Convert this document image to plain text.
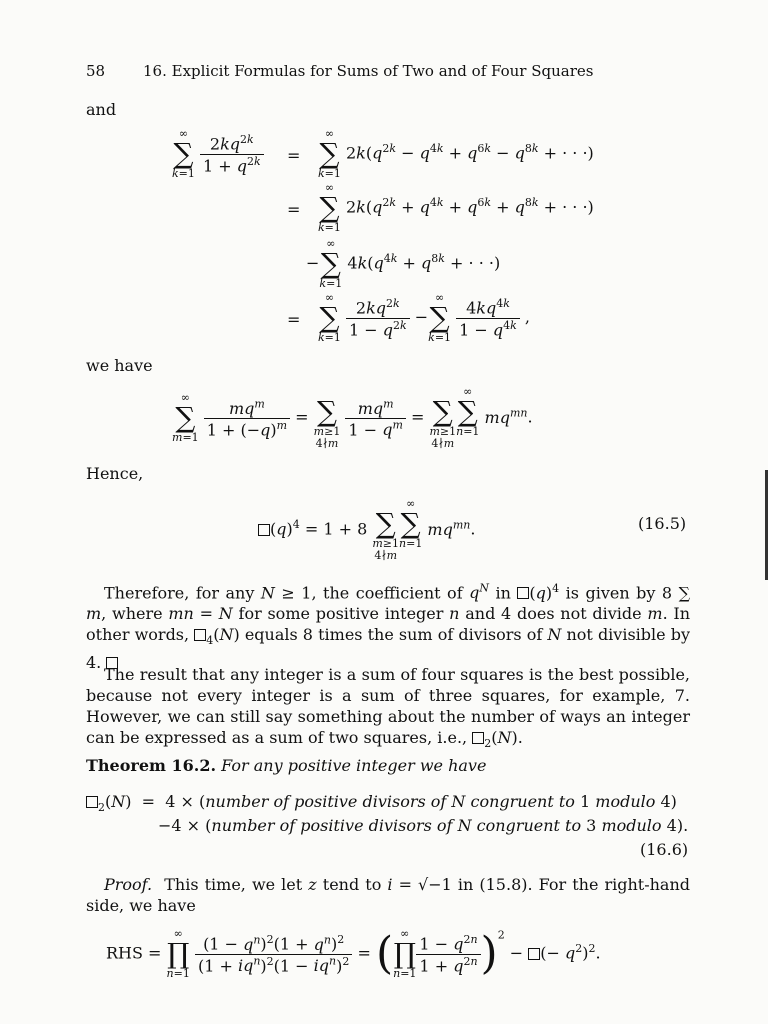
58	16. Explicit Formulas for Sums of Two and of Four Squares
and
∞
∑
k=1
$\frac{2kq^{2k}}{1 + q^{2k}}$ =
∞
∑
k=1
$2k(q^{2k} - q^{4k} + q^{6k} - q^{8k}$ + · · ·)
=
∞
∑
k=1
$2k(q^{2k} + q^{4k} + q^{6k} + q^{8k}$ + · · ·)
−
∞
∑
k=1
$4k(q^{4k} + q^{8k}$ + · · ·)
=
∞
∑
k=1
$\frac{2kq^{2k}}{1 - q^{2k}}$ −
∞
∑
k=1
$\frac{4kq^{4k}}{1 - q^{4k}}$ ,
we have
∞
∑
m=1
$\frac{mq^m}{1 + (-q)^m}$ =
∑
m≥1
4∤m

$\frac{mq^m}{1 - q^m}$ =
∑
m≥1
4∤m
∞
∑
n=1

$mq^{mn}$.
Hence,
$(q)^4 = 1 + 8$
∑
m≥1
4∤m
∞
∑
n=1

$mq^{mn}$.	(16.5)
Therefore, for any N ≥ 1, the coefficient of $q^N$ in $(q)^4$ is given by 8 ∑ m, where mn = N for some positive integer n and 4 does not divide m. In other words, $_4$(N) equals 8 times the sum of divisors of N not divisible by 4.
The result that any integer is a sum of four squares is the best possible, because not every integer is a sum of three squares, for example, 7. However, we can still say something about the number of ways an integer can be expressed as a sum of two squares, i.e., $_2$(N).
Theorem 16.2. For any positive integer we have
$_2$(N)  =  4 × (number of positive divisors of N congruent to 1 modulo 4)
−4 × (number of positive divisors of N congruent to 3 modulo 4).
(16.6)
Proof.  This time, we let z tend to i = √−1 in (15.8). For the right-hand side, we have
RHS =
∞
∏
n=1
$\frac{(1 - q^n)^2(1 + q^n)^2}{(1 + iq^n)^2(1 - iq^n)^2}$ = ( ∞
∏
$n=1 \frac{1 - q^{2n}}{1 + q^{2n}} )^2$ − (− $q^2)^2$.
